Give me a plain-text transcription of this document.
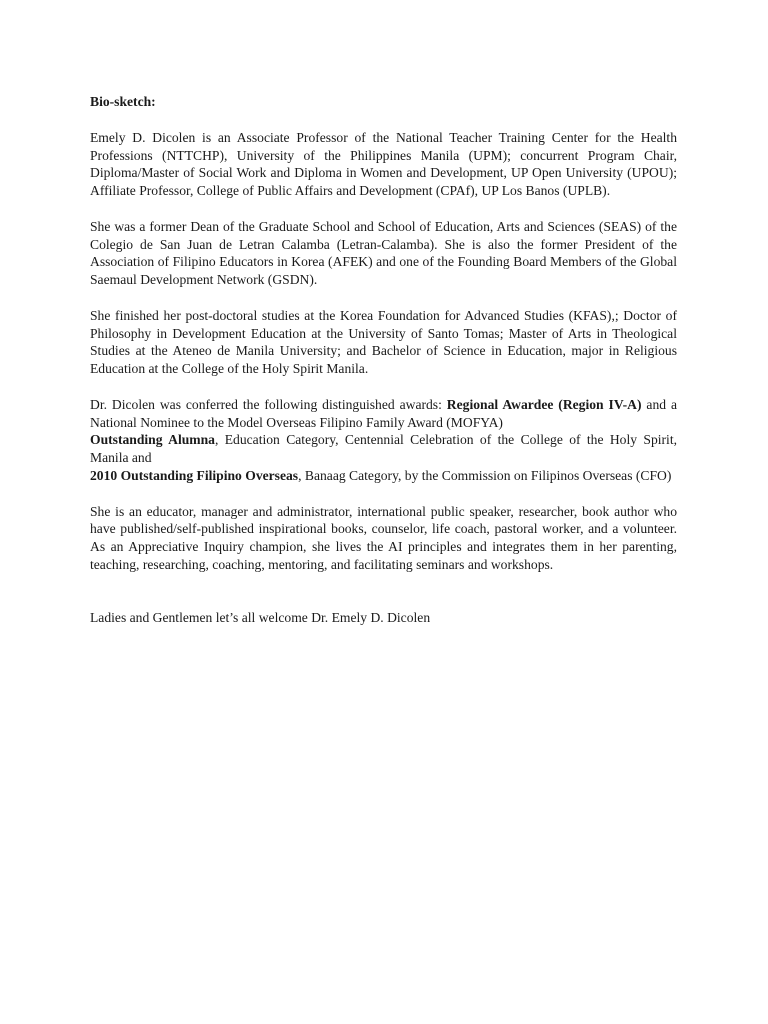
Bio-sketch:

Emely D. Dicolen is an Associate Professor of the National Teacher Training Center for the Health Professions (NTTCHP), University of the Philippines Manila (UPM); concurrent Program Chair, Diploma/Master of Social Work and Diploma in Women and Development, UP Open University (UPOU); Affiliate Professor, College of Public Affairs and Development (CPAf), UP Los Banos (UPLB).

She was a former Dean of the Graduate School and School of Education, Arts and Sciences (SEAS) of the Colegio de San Juan de Letran Calamba (Letran-Calamba). She is also the former President of the Association of Filipino Educators in Korea (AFEK) and one of the Founding Board Members of the Global Saemaul Development Network (GSDN).

She finished her post-doctoral studies at the Korea Foundation for Advanced Studies (KFAS),; Doctor of Philosophy in Development Education at the University of Santo Tomas; Master of Arts in Theological Studies at the Ateneo de Manila University; and Bachelor of Science in Education, major in Religious Education at the College of the Holy Spirit Manila.

Dr. Dicolen was conferred the following distinguished awards: Regional Awardee (Region IV-A) and a National Nominee to the Model Overseas Filipino Family Award (MOFYA)

Outstanding Alumna, Education Category, Centennial Celebration of the College of the Holy Spirit, Manila and

2010 Outstanding Filipino Overseas, Banaag Category, by the Commission on Filipinos Overseas (CFO)

She is an educator, manager and administrator, international public speaker, researcher, book author who have published/self-published inspirational books, counselor, life coach, pastoral worker, and a volunteer. As an Appreciative Inquiry champion, she lives the AI principles and integrates them in her parenting, teaching, researching, coaching, mentoring, and facilitating seminars and workshops.

Ladies and Gentlemen let’s all welcome Dr. Emely D. Dicolen
